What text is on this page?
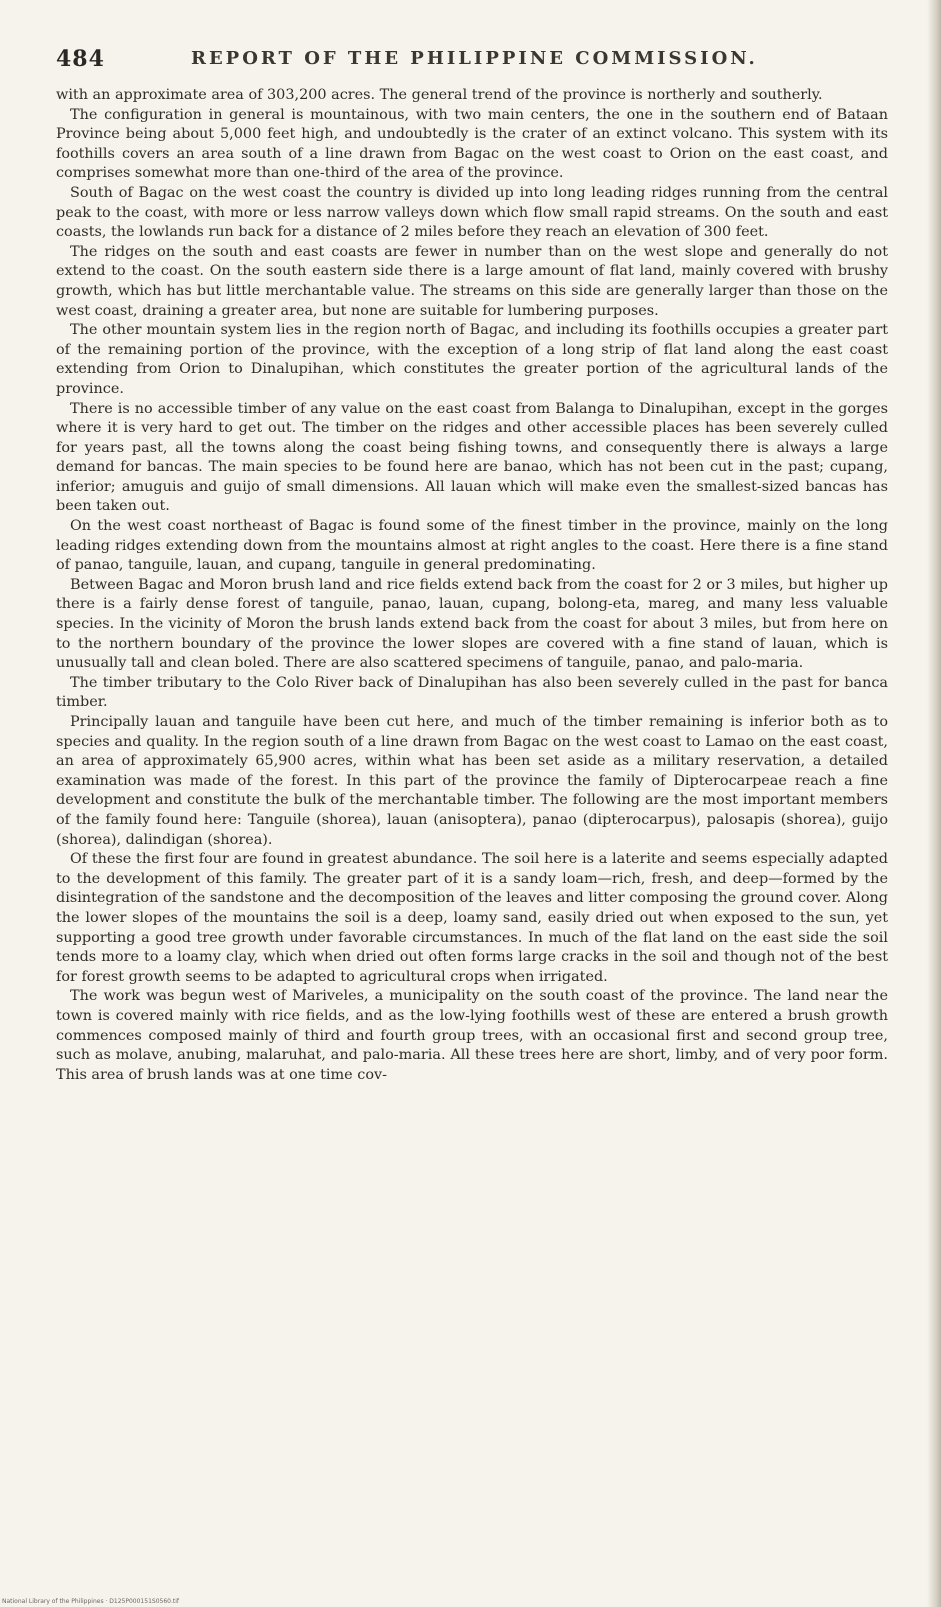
484	REPORT OF THE PHILIPPINE COMMISSION.

with an approximate area of 303,200 acres. The general trend of the province is northerly and southerly.

The configuration in general is mountainous, with two main centers, the one in the southern end of Bataan Province being about 5,000 feet high, and undoubtedly is the crater of an extinct volcano. This system with its foothills covers an area south of a line drawn from Bagac on the west coast to Orion on the east coast, and comprises somewhat more than one-third of the area of the province.

South of Bagac on the west coast the country is divided up into long leading ridges running from the central peak to the coast, with more or less narrow valleys down which flow small rapid streams. On the south and east coasts, the lowlands run back for a distance of 2 miles before they reach an elevation of 300 feet.

The ridges on the south and east coasts are fewer in number than on the west slope and generally do not extend to the coast. On the south eastern side there is a large amount of flat land, mainly covered with brushy growth, which has but little merchantable value. The streams on this side are generally larger than those on the west coast, draining a greater area, but none are suitable for lumbering purposes.

The other mountain system lies in the region north of Bagac, and including its foothills occupies a greater part of the remaining portion of the province, with the exception of a long strip of flat land along the east coast extending from Orion to Dinalupihan, which constitutes the greater portion of the agricultural lands of the province.

There is no accessible timber of any value on the east coast from Balanga to Dinalupihan, except in the gorges where it is very hard to get out. The timber on the ridges and other accessible places has been severely culled for years past, all the towns along the coast being fishing towns, and consequently there is always a large demand for bancas. The main species to be found here are banao, which has not been cut in the past; cupang, inferior; amuguis and guijo of small dimensions. All lauan which will make even the smallest-sized bancas has been taken out.

On the west coast northeast of Bagac is found some of the finest timber in the province, mainly on the long leading ridges extending down from the mountains almost at right angles to the coast. Here there is a fine stand of panao, tanguile, lauan, and cupang, tanguile in general predominating.

Between Bagac and Moron brush land and rice fields extend back from the coast for 2 or 3 miles, but higher up there is a fairly dense forest of tanguile, panao, lauan, cupang, bolong-eta, mareg, and many less valuable species. In the vicinity of Moron the brush lands extend back from the coast for about 3 miles, but from here on to the northern boundary of the province the lower slopes are covered with a fine stand of lauan, which is unusually tall and clean boled. There are also scattered specimens of tanguile, panao, and palo-maria.

The timber tributary to the Colo River back of Dinalupihan has also been severely culled in the past for banca timber.

Principally lauan and tanguile have been cut here, and much of the timber remaining is inferior both as to species and quality. In the region south of a line drawn from Bagac on the west coast to Lamao on the east coast, an area of approximately 65,900 acres, within what has been set aside as a military reservation, a detailed examination was made of the forest. In this part of the province the family of Dipterocarpeae reach a fine development and constitute the bulk of the merchantable timber. The following are the most important members of the family found here: Tanguile (shorea), lauan (anisoptera), panao (dipterocarpus), palosapis (shorea), guijo (shorea), dalindigan (shorea).

Of these the first four are found in greatest abundance. The soil here is a laterite and seems especially adapted to the development of this family. The greater part of it is a sandy loam—rich, fresh, and deep—formed by the disintegration of the sandstone and the decomposition of the leaves and litter composing the ground cover. Along the lower slopes of the mountains the soil is a deep, loamy sand, easily dried out when exposed to the sun, yet supporting a good tree growth under favorable circumstances. In much of the flat land on the east side the soil tends more to a loamy clay, which when dried out often forms large cracks in the soil and though not of the best for forest growth seems to be adapted to agricultural crops when irrigated.

The work was begun west of Mariveles, a municipality on the south coast of the province. The land near the town is covered mainly with rice fields, and as the low-lying foothills west of these are entered a brush growth commences composed mainly of third and fourth group trees, with an occasional first and second group tree, such as molave, anubing, malaruhat, and palo-maria. All these trees here are short, limby, and of very poor form. This area of brush lands was at one time cov-

National Library of the Philippines · D125P000151S0560.tif
